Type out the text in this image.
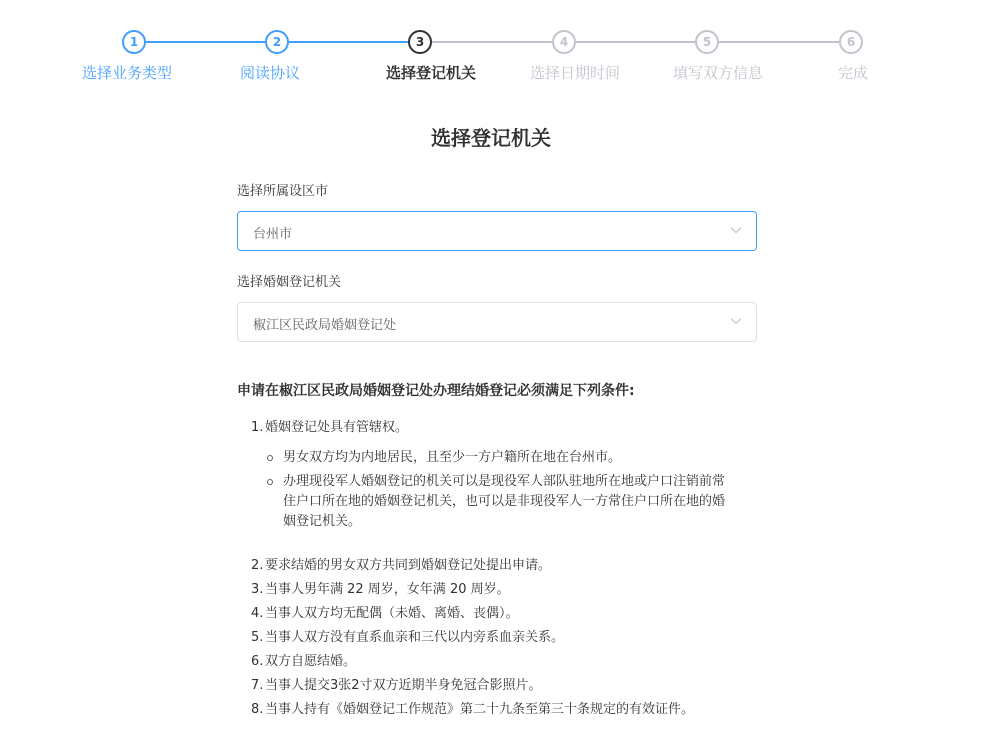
1
选择业务类型
2
阅读协议
3
选择登记机关
4
选择日期时间
5
填写双方信息
6
完成
选择登记机关
选择所属设区市
台州市
选择婚姻登记机关
椒江区民政局婚姻登记处
申请在椒江区民政局婚姻登记处办理结婚登记必须满足下列条件:
1. 婚姻登记处具有管辖权。
男女双方均为内地居民，且至少一方户籍所在地在台州市。
办理现役军人婚姻登记的机关可以是现役军人部队驻地所在地或户口注销前常住户口所在地的婚姻登记机关，也可以是非现役军人一方常住户口所在地的婚姻登记机关。
2. 要求结婚的男女双方共同到婚姻登记处提出申请。
3. 当事人男年满 22 周岁，女年满 20 周岁。
4. 当事人双方均无配偶（未婚、离婚、丧偶）。
5. 当事人双方没有直系血亲和三代以内旁系血亲关系。
6. 双方自愿结婚。
7. 当事人提交3张2寸双方近期半身免冠合影照片。
8. 当事人持有《婚姻登记工作规范》第二十九条至第三十条规定的有效证件。
